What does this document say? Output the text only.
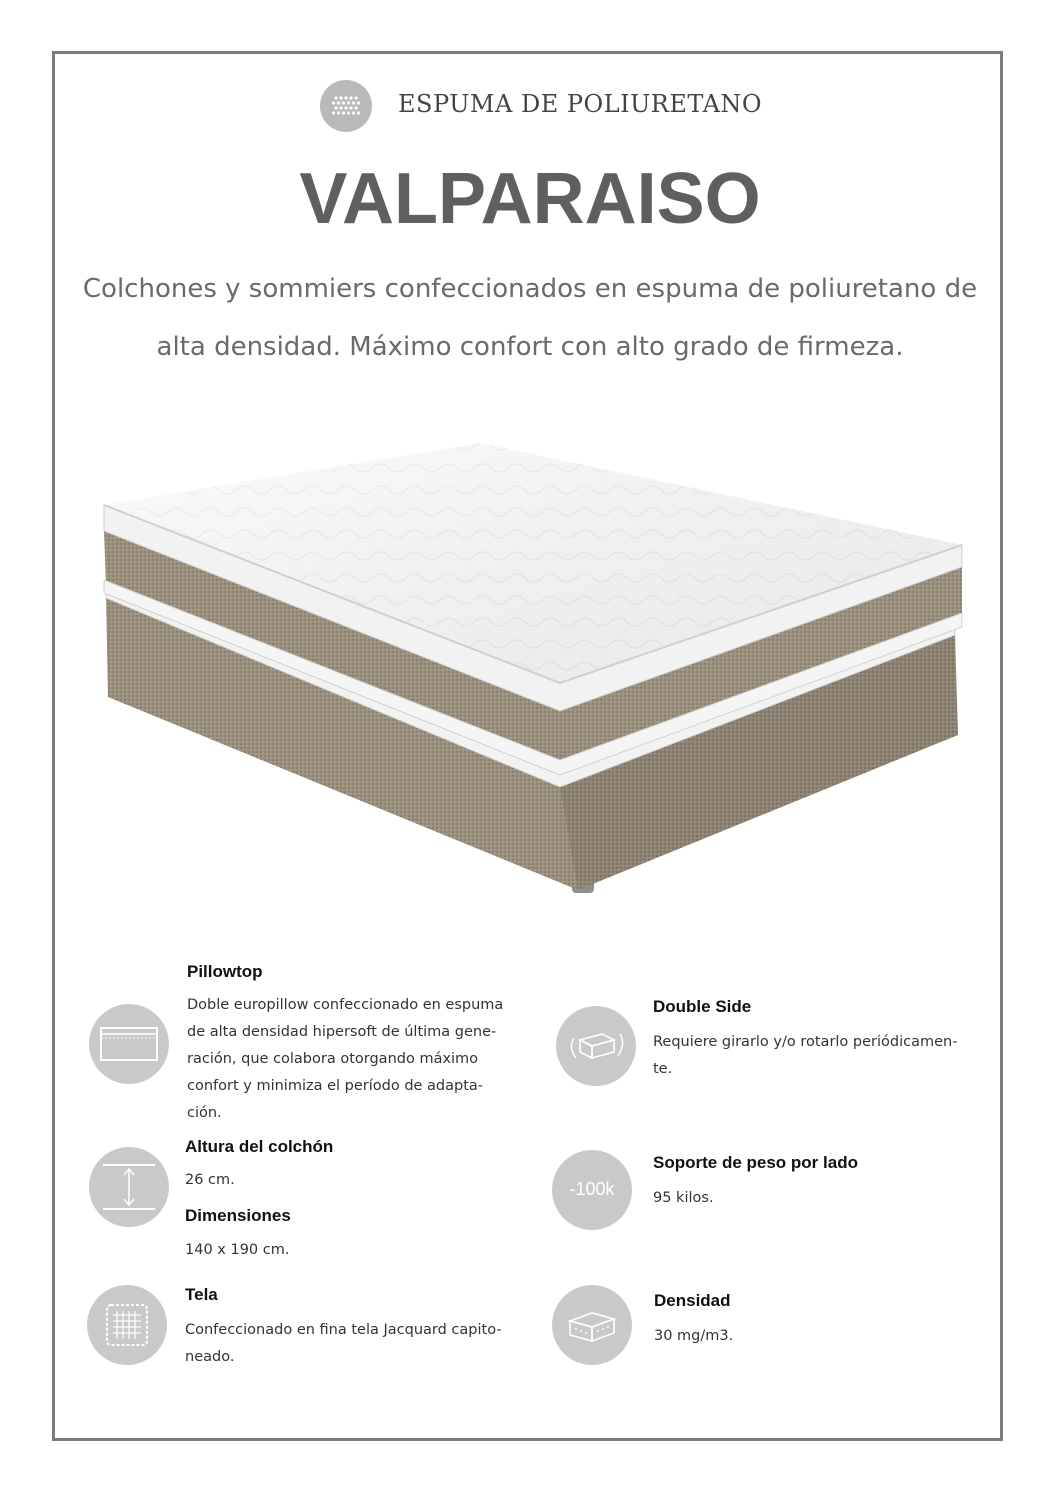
ESPUMA DE POLIURETANO
VALPARAISO
Colchones y sommiers confeccionados en espuma de poliuretano de
alta densidad. Máximo confort con alto grado de firmeza.
Pillowtop
Doble europillow confeccionado en espuma
de alta densidad hipersoft de última gene-
ración, que colabora otorgando máximo
confort y minimiza el período de adapta-
ción.
Altura del colchón
26 cm.
Dimensiones
140 x 190 cm.
Tela
Confeccionado en fina tela Jacquard capito-
neado.
Double Side
Requiere girarlo y/o rotarlo periódicamen-
te.
Soporte de peso por lado
-100k	95 kilos.
Densidad
30 mg/m3.
